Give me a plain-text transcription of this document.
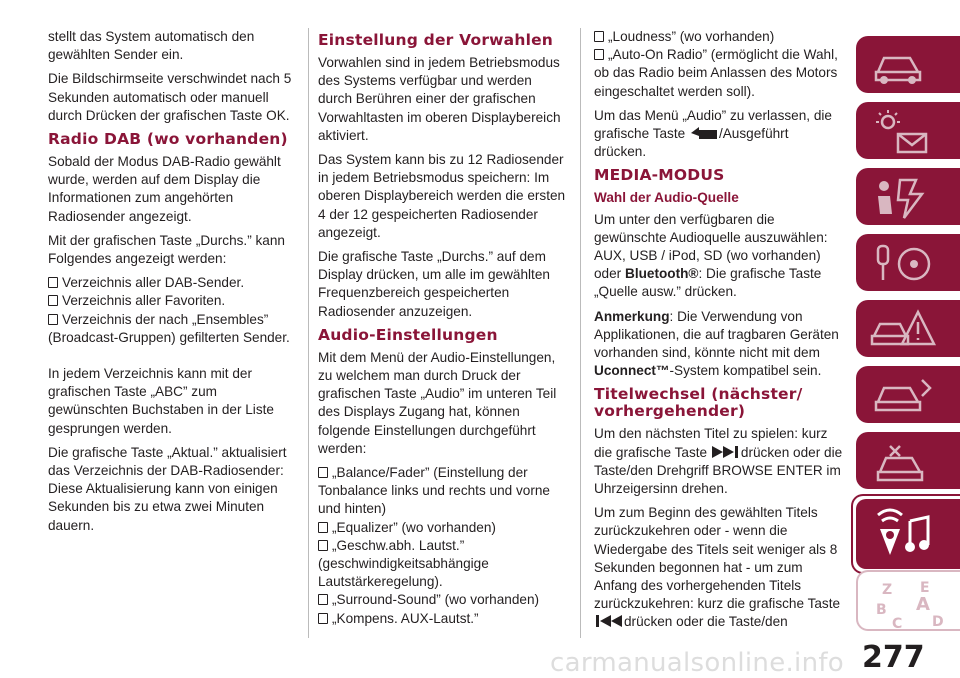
stellt das System automatisch den gewählten Sender ein.

Die Bildschirmseite verschwindet nach 5 Sekunden automatisch oder manuell durch Drücken der grafischen Taste OK.

Radio DAB (wo vorhanden)

Sobald der Modus DAB-Radio gewählt wurde, werden auf dem Display die Informationen zum angehörten Radiosender angezeigt.

Mit der grafischen Taste „Durchs.” kann Folgendes angezeigt werden:

Verzeichnis aller DAB-Sender.
Verzeichnis aller Favoriten.
Verzeichnis der nach „Ensembles” (Broadcast-Gruppen) gefilterten Sender.

In jedem Verzeichnis kann mit der grafischen Taste „ABC” zum gewünschten Buchstaben in der Liste gesprungen werden.

Die grafische Taste „Aktual.” aktualisiert das Verzeichnis der DAB-Radiosender: Diese Aktualisierung kann von einigen Sekunden bis zu etwa zwei Minuten dauern.

Einstellung der Vorwahlen

Vorwahlen sind in jedem Betriebsmodus des Systems verfügbar und werden durch Berühren einer der grafischen Vorwahltasten im oberen Displaybereich aktiviert.

Das System kann bis zu 12 Radiosender in jedem Betriebsmodus speichern: Im oberen Displaybereich werden die ersten 4 der 12 gespeicherten Radiosender angezeigt.

Die grafische Taste „Durchs.” auf dem Display drücken, um alle im gewählten Frequenzbereich gespeicherten Radiosender anzuzeigen.

Audio-Einstellungen

Mit dem Menü der Audio-Einstellungen, zu welchem man durch Druck der grafischen Taste „Audio” im unteren Teil des Displays Zugang hat, können folgende Einstellungen durchgeführt werden:

„Balance/Fader” (Einstellung der Tonbalance links und rechts und vorne und hinten)
„Equalizer” (wo vorhanden)
„Geschw.abh. Lautst.” (geschwindigkeitsabhängige Lautstärkeregelung).
„Surround-Sound” (wo vorhanden)
„Kompens. AUX-Lautst.”
„Loudness” (wo vorhanden)
„Auto-On Radio” (ermöglicht die Wahl, ob das Radio beim Anlassen des Motors eingeschaltet werden soll).

Um das Menü „Audio” zu verlassen, die grafische Taste /Ausgeführt drücken.

MEDIA-MODUS
Wahl der Audio-Quelle

Um unter den verfügbaren die gewünschte Audioquelle auszuwählen: AUX, USB / iPod, SD (wo vorhanden) oder Bluetooth®: Die grafische Taste „Quelle ausw.” drücken.

Anmerkung: Die Verwendung von Applikationen, die auf tragbaren Geräten vorhanden sind, könnte nicht mit dem Uconnect™-System kompatibel sein.

Titelwechsel (nächster/ vorhergehender)

Um den nächsten Titel zu spielen: kurz die grafische Taste drücken oder die Taste/den Drehgriff BROWSE ENTER im Uhrzeigersinn drehen.

Um zum Beginn des gewählten Titels zurückzukehren oder - wenn die Wiedergabe des Titels seit weniger als 8 Sekunden begonnen hat - um zum Anfang des vorhergehenden Titels zurückzukehren: kurz die grafische Taste drücken oder die Taste/den

Z E
A
B
C D
carmanualsonline.info 277
